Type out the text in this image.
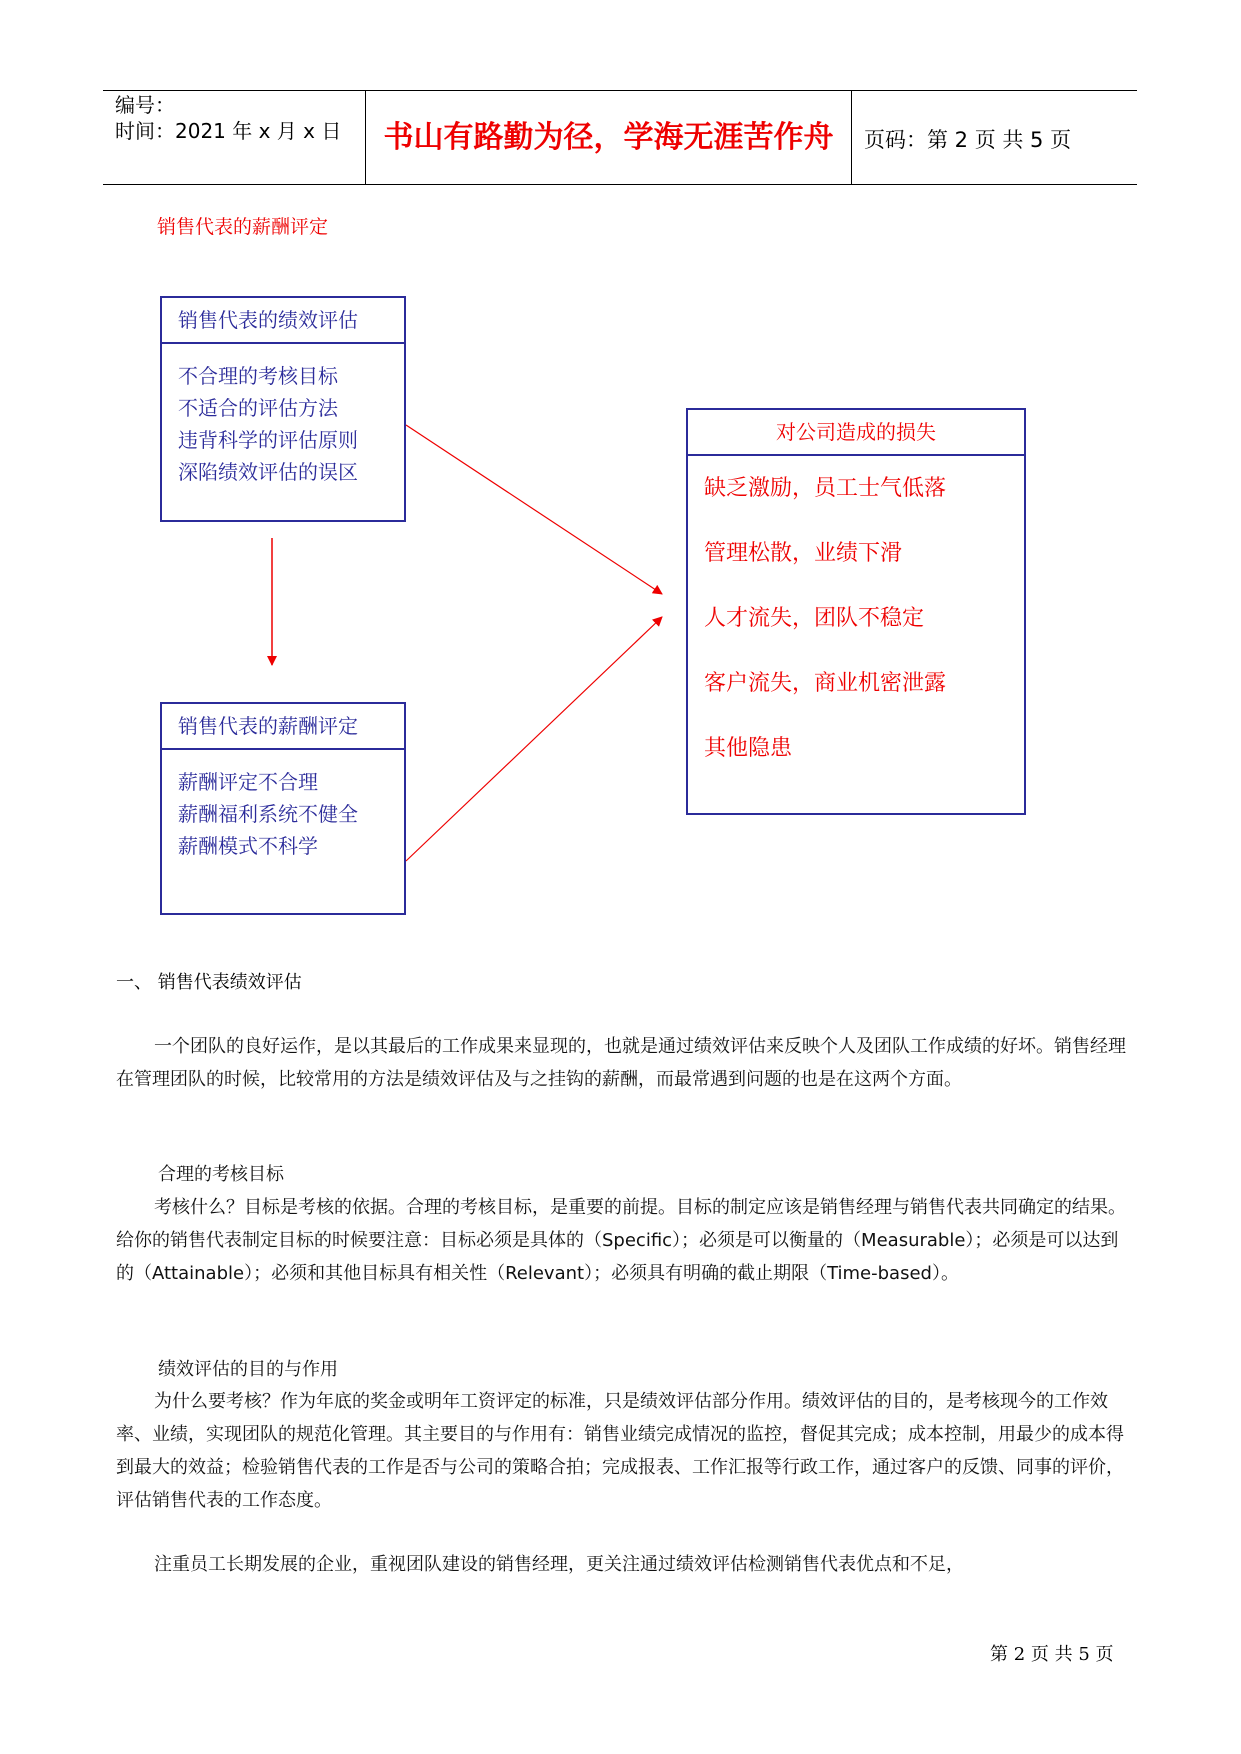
编号：
时间：2021 年 x 月 x 日	书山有路勤为径，学海无涯苦作舟	页码：第 2 页 共 5 页
销售代表的薪酬评定
销售代表的绩效评估
不合理的考核目标
不适合的评估方法
违背科学的评估原则
深陷绩效评估的误区
销售代表的薪酬评定
薪酬评定不合理
薪酬福利系统不健全
薪酬模式不科学
对公司造成的损失
缺乏激励，员工士气低落
管理松散，业绩下滑
人才流失，团队不稳定
客户流失，商业机密泄露
其他隐患
一、 销售代表绩效评估
一个团队的良好运作，是以其最后的工作成果来显现的，也就是通过绩效评估来反映个人及团队工作成绩的好坏。销售经理在管理团队的时候，比较常用的方法是绩效评估及与之挂钩的薪酬，而最常遇到问题的也是在这两个方面。
合理的考核目标
考核什么？目标是考核的依据。合理的考核目标，是重要的前提。目标的制定应该是销售经理与销售代表共同确定的结果。给你的销售代表制定目标的时候要注意：目标必须是具体的（Specific）；必须是可以衡量的（Measurable）；必须是可以达到的（Attainable）；必须和其他目标具有相关性（Relevant）；必须具有明确的截止期限（Time-based）。
绩效评估的目的与作用
为什么要考核？作为年底的奖金或明年工资评定的标准，只是绩效评估部分作用。绩效评估的目的，是考核现今的工作效率、业绩，实现团队的规范化管理。其主要目的与作用有：销售业绩完成情况的监控，督促其完成；成本控制，用最少的成本得到最大的效益；检验销售代表的工作是否与公司的策略合拍；完成报表、工作汇报等行政工作，通过客户的反馈、同事的评价，评估销售代表的工作态度。
注重员工长期发展的企业，重视团队建设的销售经理，更关注通过绩效评估检测销售代表优点和不足，
第 2 页 共 5 页
